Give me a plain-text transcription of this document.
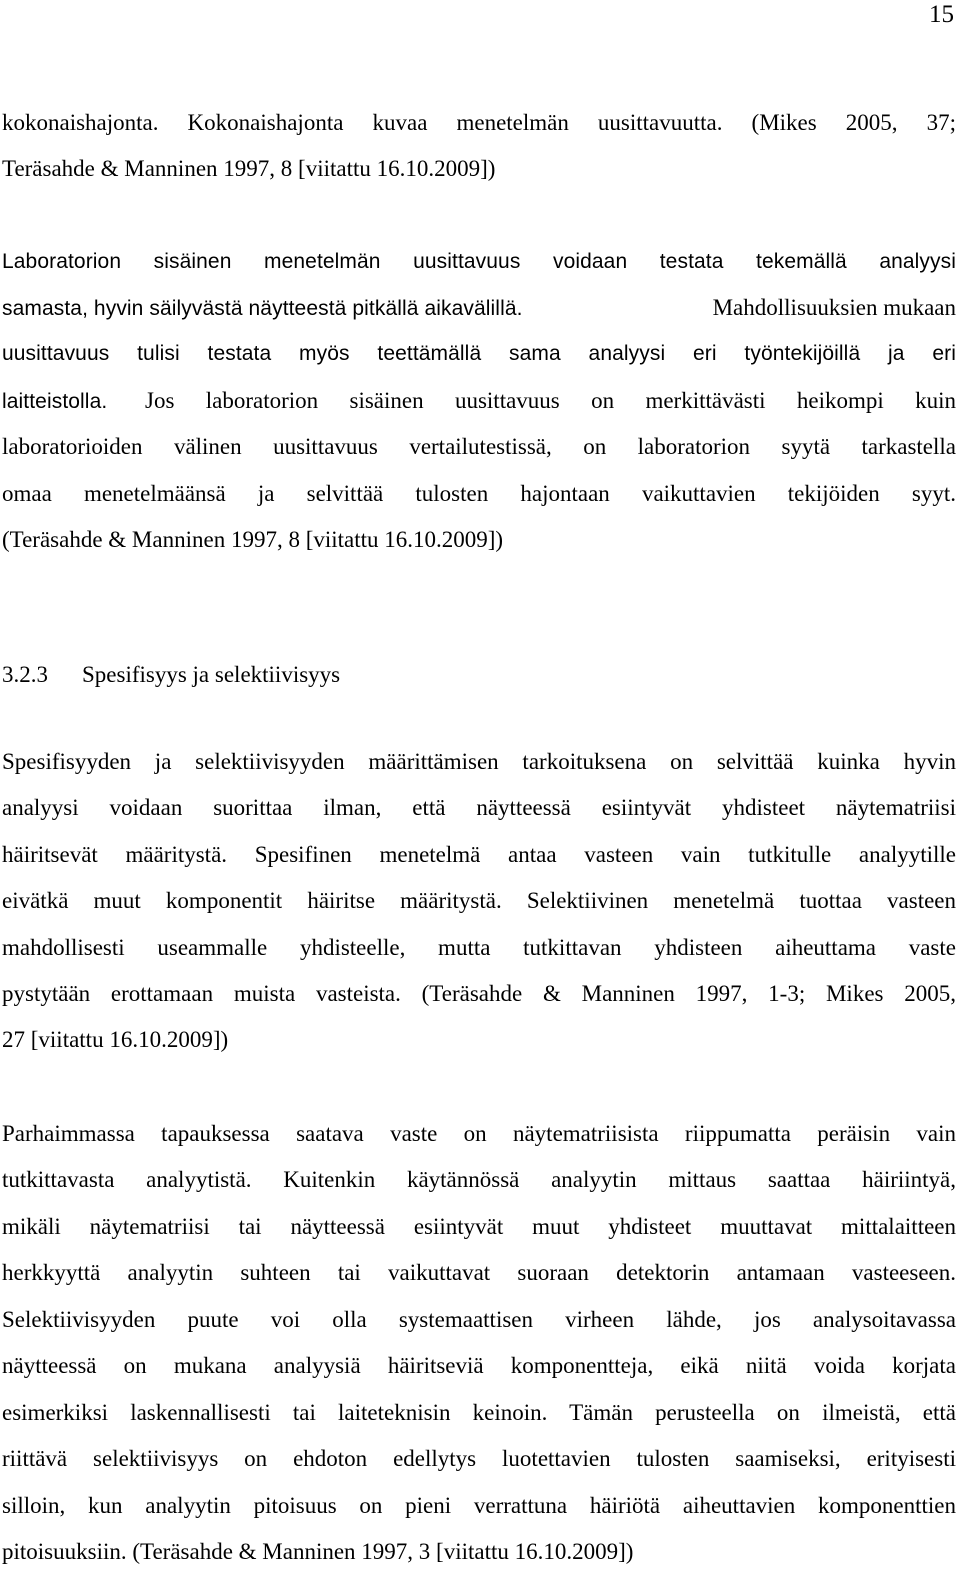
15
kokonaishajonta. Kokonaishajonta kuvaa menetelmän uusittavuutta. (Mikes 2005, 37;
Teräsahde & Manninen 1997, 8 [viitattu 16.10.2009])
Laboratorion sisäinen menetelmän uusittavuus voidaan testata tekemällä analyysi
samasta, hyvin säilyvästä näytteestä pitkällä aikavälillä.	Mahdollisuuksien mukaan
uusittavuus tulisi testata myös teettämällä sama analyysi eri työntekijöillä ja eri
laitteistolla. Jos laboratorion sisäinen uusittavuus on merkittävästi heikompi kuin
laboratorioiden välinen uusittavuus vertailutestissä, on laboratorion syytä tarkastella
omaa menetelmäänsä ja selvittää tulosten hajontaan vaikuttavien tekijöiden syyt.
(Teräsahde & Manninen 1997, 8 [viitattu 16.10.2009])
3.2.3 Spesifisyys ja selektiivisyys
Spesifisyyden ja selektiivisyyden määrittämisen tarkoituksena on selvittää kuinka hyvin
analyysi voidaan suorittaa ilman, että näytteessä esiintyvät yhdisteet näytematriisi
häiritsevät määritystä. Spesifinen menetelmä antaa vasteen vain tutkitulle analyytille
eivätkä muut komponentit häiritse määritystä. Selektiivinen menetelmä tuottaa vasteen
mahdollisesti useammalle yhdisteelle, mutta tutkittavan yhdisteen aiheuttama vaste
pystytään erottamaan muista vasteista. (Teräsahde & Manninen 1997, 1-3; Mikes 2005,
27 [viitattu 16.10.2009])
Parhaimmassa tapauksessa saatava vaste on näytematriisista riippumatta peräisin vain
tutkittavasta analyytistä. Kuitenkin käytännössä analyytin mittaus saattaa häiriintyä,
mikäli näytematriisi tai näytteessä esiintyvät muut yhdisteet muuttavat mittalaitteen
herkkyyttä analyytin suhteen tai vaikuttavat suoraan detektorin antamaan vasteeseen.
Selektiivisyyden puute voi olla systemaattisen virheen lähde, jos analysoitavassa
näytteessä on mukana analyysiä häiritseviä komponentteja, eikä niitä voida korjata
esimerkiksi laskennallisesti tai laiteteknisin keinoin. Tämän perusteella on ilmeistä, että
riittävä selektiivisyys on ehdoton edellytys luotettavien tulosten saamiseksi, erityisesti
silloin, kun analyytin pitoisuus on pieni verrattuna häiriötä aiheuttavien komponenttien
pitoisuuksiin. (Teräsahde & Manninen 1997, 3 [viitattu 16.10.2009])
